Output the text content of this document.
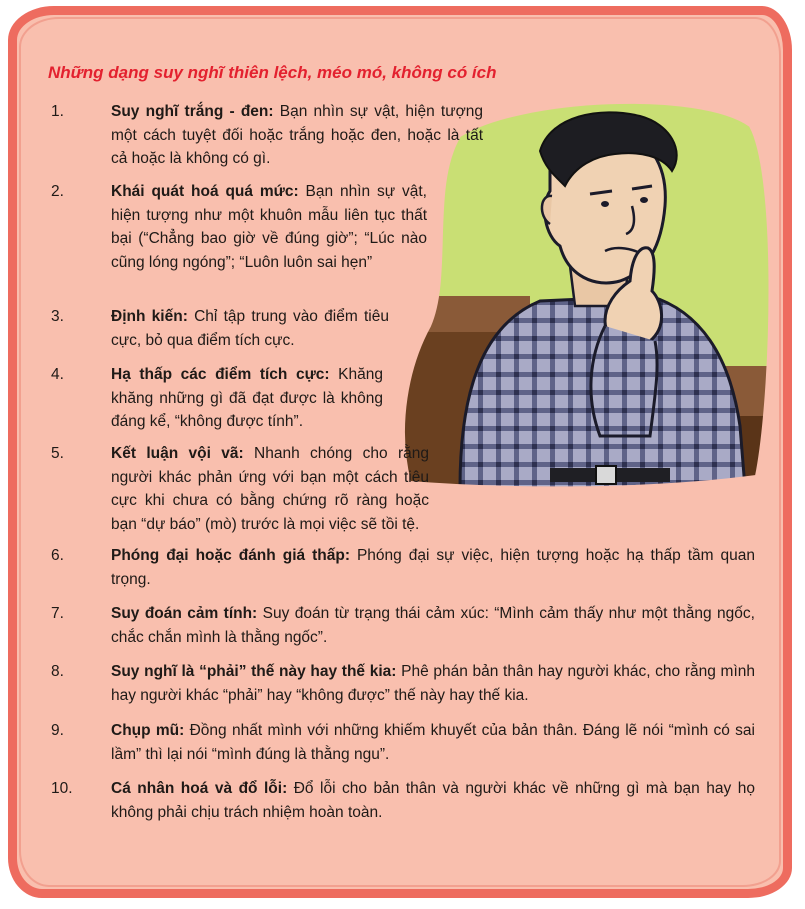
Những dạng suy nghĩ thiên lệch, méo mó, không có ích
1.	Suy nghĩ trắng - đen: Bạn nhìn sự vật, hiện tượng một cách tuyệt đối hoặc trắng hoặc đen, hoặc là tất cả hoặc là không có gì.
2.	Khái quát hoá quá mức: Bạn nhìn sự vật, hiện tượng như một khuôn mẫu liên tục thất bại (“Chẳng bao giờ về đúng giờ”; “Lúc nào cũng lóng ngóng”; “Luôn luôn sai hẹn”
3.	Định kiến: Chỉ tập trung vào điểm tiêu cực, bỏ qua điểm tích cực.
4.	Hạ thấp các điểm tích cực: Khăng khăng những gì đã đạt được là không đáng kể, “không được tính”.
5.	Kết luận vội vã: Nhanh chóng cho rằng người khác phản ứng với bạn một cách tiêu cực khi chưa có bằng chứng rõ ràng hoặc bạn “dự báo” (mò) trước là mọi việc sẽ tồi tệ.
6.	Phóng đại hoặc đánh giá thấp: Phóng đại sự việc, hiện tượng hoặc hạ thấp tầm quan trọng.
7.	Suy đoán cảm tính: Suy đoán từ trạng thái cảm xúc: “Mình cảm thấy như một thằng ngốc, chắc chắn mình là thằng ngốc”.
8.	Suy nghĩ là “phải” thế này hay thế kia: Phê phán bản thân hay người khác, cho rằng mình hay người khác “phải” hay “không được” thế này hay thế kia.
9.	Chụp mũ: Đồng nhất mình với những khiếm khuyết của bản thân. Đáng lẽ nói “mình có sai lầm” thì lại nói “mình đúng là thằng ngu”.
10. Cá nhân hoá và đổ lỗi: Đổ lỗi cho bản thân và người khác về những gì mà bạn hay họ không phải chịu trách nhiệm hoàn toàn.
